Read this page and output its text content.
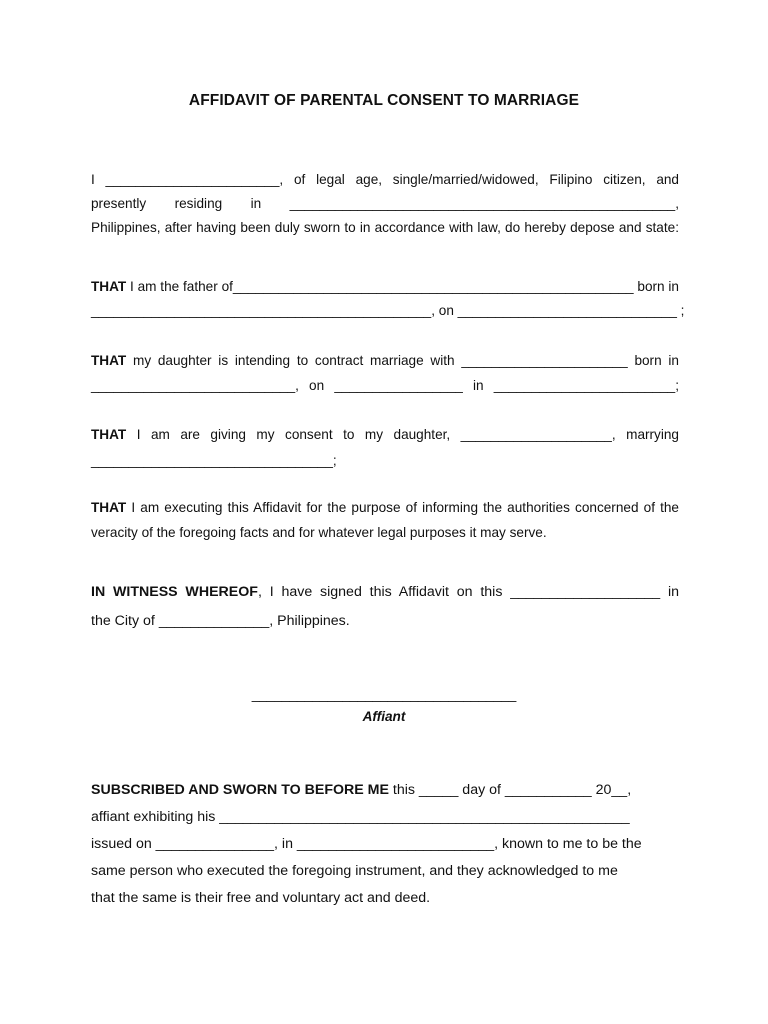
AFFIDAVIT OF PARENTAL CONSENT TO MARRIAGE
I _______________________, of legal age, single/married/widowed, Filipino citizen, and
presently residing in ___________________________________________________,
Philippines, after having been duly sworn to in accordance with law, do hereby depose and state:
THAT I am the father of_____________________________________________________ born in
_____________________________________________, on _____________________________ ;
THAT my daughter is intending to contract marriage with ______________________ born in
___________________________, on _________________ in ________________________;
THAT I am are giving my consent to my daughter, ____________________, marrying
________________________________;
THAT I am executing this Affidavit for the purpose of informing the authorities concerned of the
veracity of the foregoing facts and for whatever legal purposes it may serve.
IN WITNESS WHEREOF, I have signed this Affidavit on this ___________________ in
the City of ______________, Philippines.
___________________________________
Affiant
SUBSCRIBED AND SWORN TO BEFORE ME this _____ day of ___________ 20__,
affiant exhibiting his ____________________________________________________
issued on _______________, in _________________________, known to me to be the
same person who executed the foregoing instrument, and they acknowledged to me
that the same is their free and voluntary act and deed.
